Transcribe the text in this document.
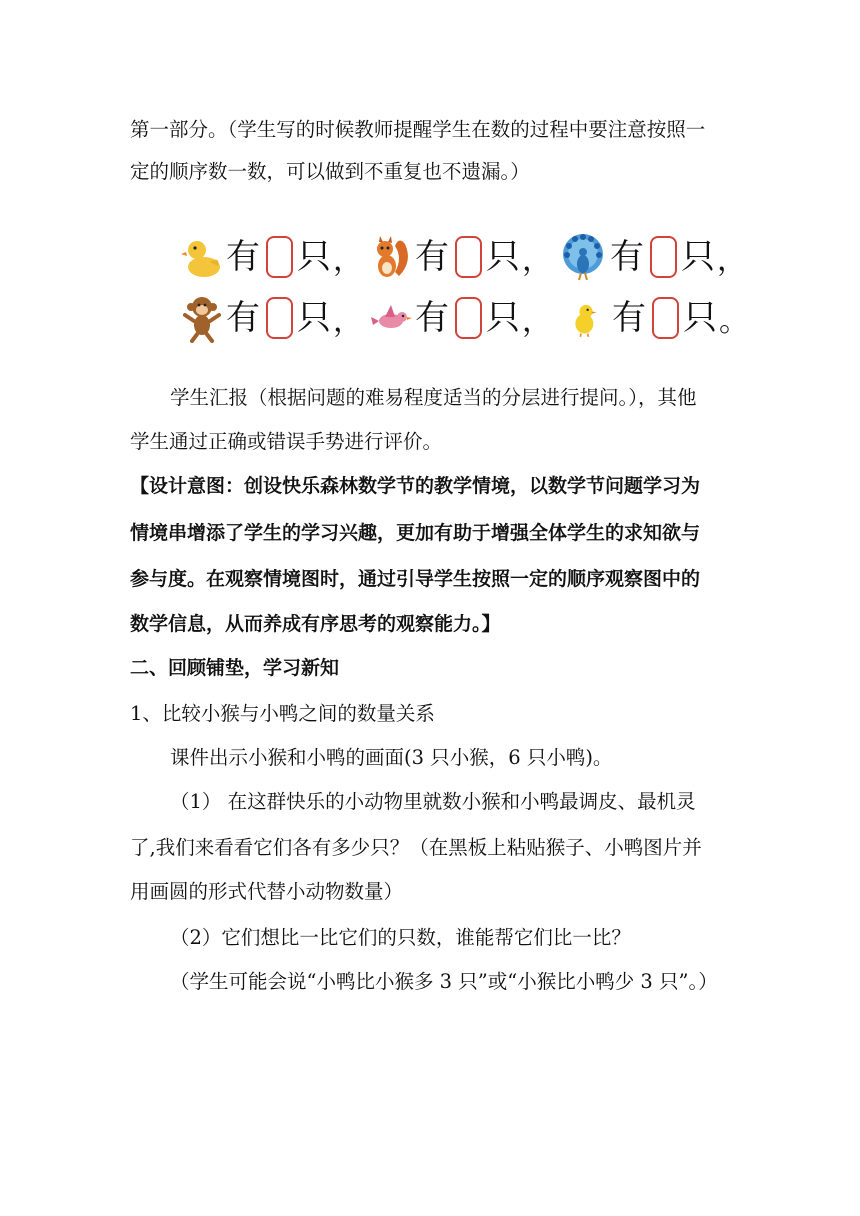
第一部分。（学生写的时候教师提醒学生在数的过程中要注意按照一
定的顺序数一数，可以做到不重复也不遗漏。）
有 只 ， 有 只 ， 有 只 ，
有 只 ， 有 只 ， 有 只 。
学生汇报（根据问题的难易程度适当的分层进行提问。），其他
学生通过正确或错误手势进行评价。
【设计意图：创设快乐森林数学节的教学情境，以数学节问题学习为
情境串增添了学生的学习兴趣，更加有助于增强全体学生的求知欲与
参与度。在观察情境图时，通过引导学生按照一定的顺序观察图中的
数学信息，从而养成有序思考的观察能力。】
二、回顾铺垫，学习新知
1、比较小猴与小鸭之间的数量关系
课件出示小猴和小鸭的画面(3 只小猴，6 只小鸭)。
（1） 在这群快乐的小动物里就数小猴和小鸭最调皮、最机灵
了,我们来看看它们各有多少只？（在黑板上粘贴猴子、小鸭图片并
用画圆的形式代替小动物数量）
（2）它们想比一比它们的只数，谁能帮它们比一比？
（学生可能会说“小鸭比小猴多 3 只”或“小猴比小鸭少 3 只”。）
